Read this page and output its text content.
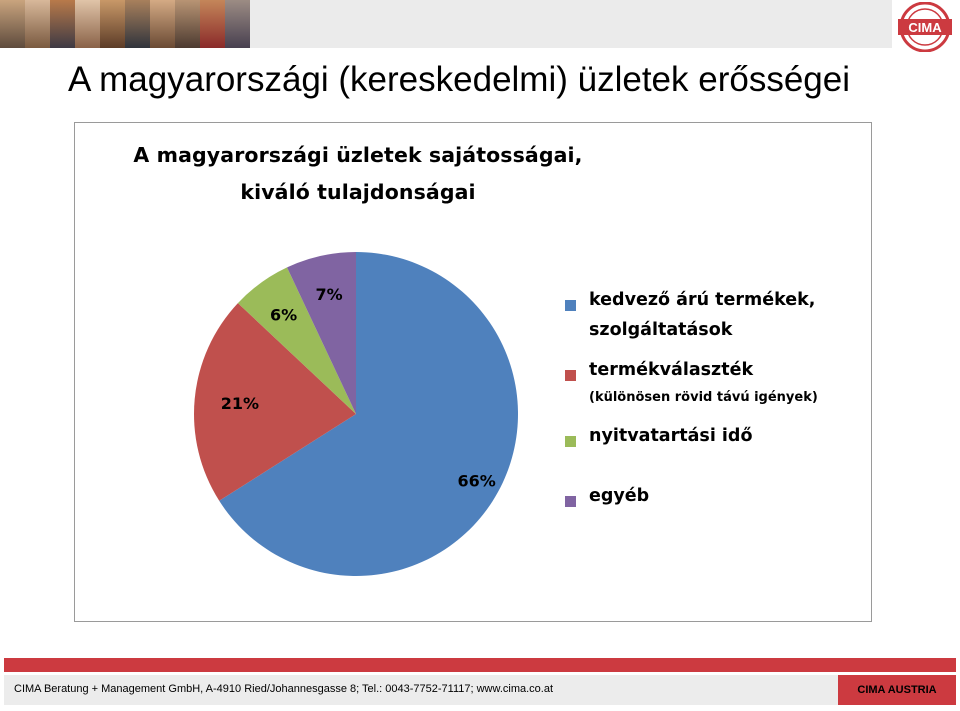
CIMA
A magyarországi (kereskedelmi) üzletek erősségei
A magyarországi üzletek sajátosságai,
kiváló tulajdonságai
66%
21%
6%
7%	kedvező árú termékek,
szolgáltatások
termékválaszték
(különösen rövid távú igények)
nyitvatartási idő
egyéb
CIMA Beratung + Management GmbH, A-4910 Ried/Johannesgasse 8; Tel.: 0043-7752-71117; www.cima.co.at	CIMA AUSTRIA
